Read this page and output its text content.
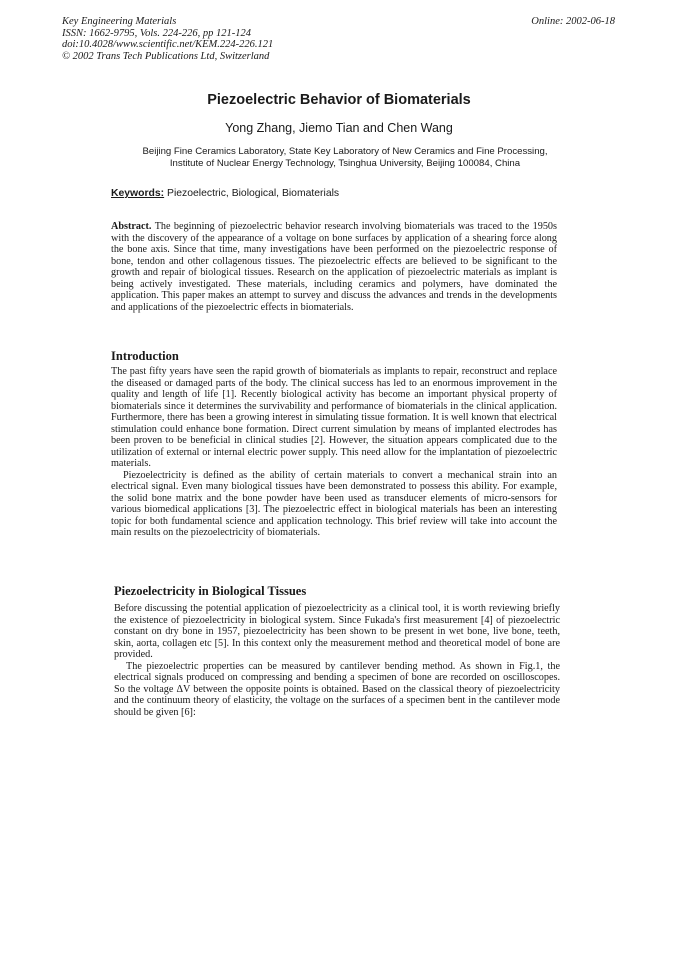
Key Engineering Materials
ISSN: 1662-9795, Vols. 224-226, pp 121-124
doi:10.4028/www.scientific.net/KEM.224-226.121
© 2002 Trans Tech Publications Ltd, Switzerland
Online: 2002-06-18
Piezoelectric Behavior of Biomaterials
Yong Zhang, Jiemo Tian and Chen Wang
Beijing Fine Ceramics Laboratory, State Key Laboratory of New Ceramics and Fine Processing,
Institute of Nuclear Energy Technology, Tsinghua University, Beijing 100084, China
Keywords: Piezoelectric, Biological, Biomaterials
Abstract. The beginning of piezoelectric behavior research involving biomaterials was traced to the 1950s with the discovery of the appearance of a voltage on bone surfaces by application of a shearing force along the bone axis. Since that time, many investigations have been performed on the piezoelectric response of bone, tendon and other collagenous tissues. The piezoelectric effects are believed to be significant to the growth and repair of biological tissues. Research on the application of piezoelectric materials as implant is being actively investigated. These materials, including ceramics and polymers, have dominated the application. This paper makes an attempt to survey and discuss the advances and trends in the developments and applications of the piezoelectric effects in biomaterials.
Introduction

The past fifty years have seen the rapid growth of biomaterials as implants to repair, reconstruct and replace the diseased or damaged parts of the body. The clinical success has led to an enormous improvement in the quality and length of life [1]. Recently biological activity has become an important physical property of biomaterials since it determines the survivability and performance of biomaterials in the clinical application. Furthermore, there has been a growing interest in simulating tissue formation. It is well known that electrical stimulation could enhance bone formation. Direct current simulation by means of implanted electrodes has been proven to be beneficial in clinical studies [2]. However, the situation appears complicated due to the utilization of external or internal electric power supply. This need allow for the implantation of piezoelectric materials.

Piezoelectricity is defined as the ability of certain materials to convert a mechanical strain into an electrical signal. Even many biological tissues have been demonstrated to possess this ability. For example, the solid bone matrix and the bone powder have been used as transducer elements of micro-sensors for various biomedical applications [3]. The piezoelectric effect in biological materials has been an interesting topic for both fundamental science and application technology. This brief review will take into account the main results on the piezoelectricity of biomaterials.

Piezoelectricity in Biological Tissues

Before discussing the potential application of piezoelectricity as a clinical tool, it is worth reviewing briefly the existence of piezoelectricity in biological system. Since Fukada's first measurement [4] of piezoelectric constant on dry bone in 1957, piezoelectricity has been shown to be present in wet bone, live bone, teeth, skin, aorta, collagen etc [5]. In this context only the measurement method and theoretical model of bone are provided.

The piezoelectric properties can be measured by cantilever bending method. As shown in Fig.1, the electrical signals produced on compressing and bending a specimen of bone are recorded on oscilloscopes. So the voltage ΔV between the opposite points is obtained. Based on the classical theory of piezoelectricity and the continuum theory of elasticity, the voltage on the surfaces of a specimen bent in the cantilever mode should be given [6]:
